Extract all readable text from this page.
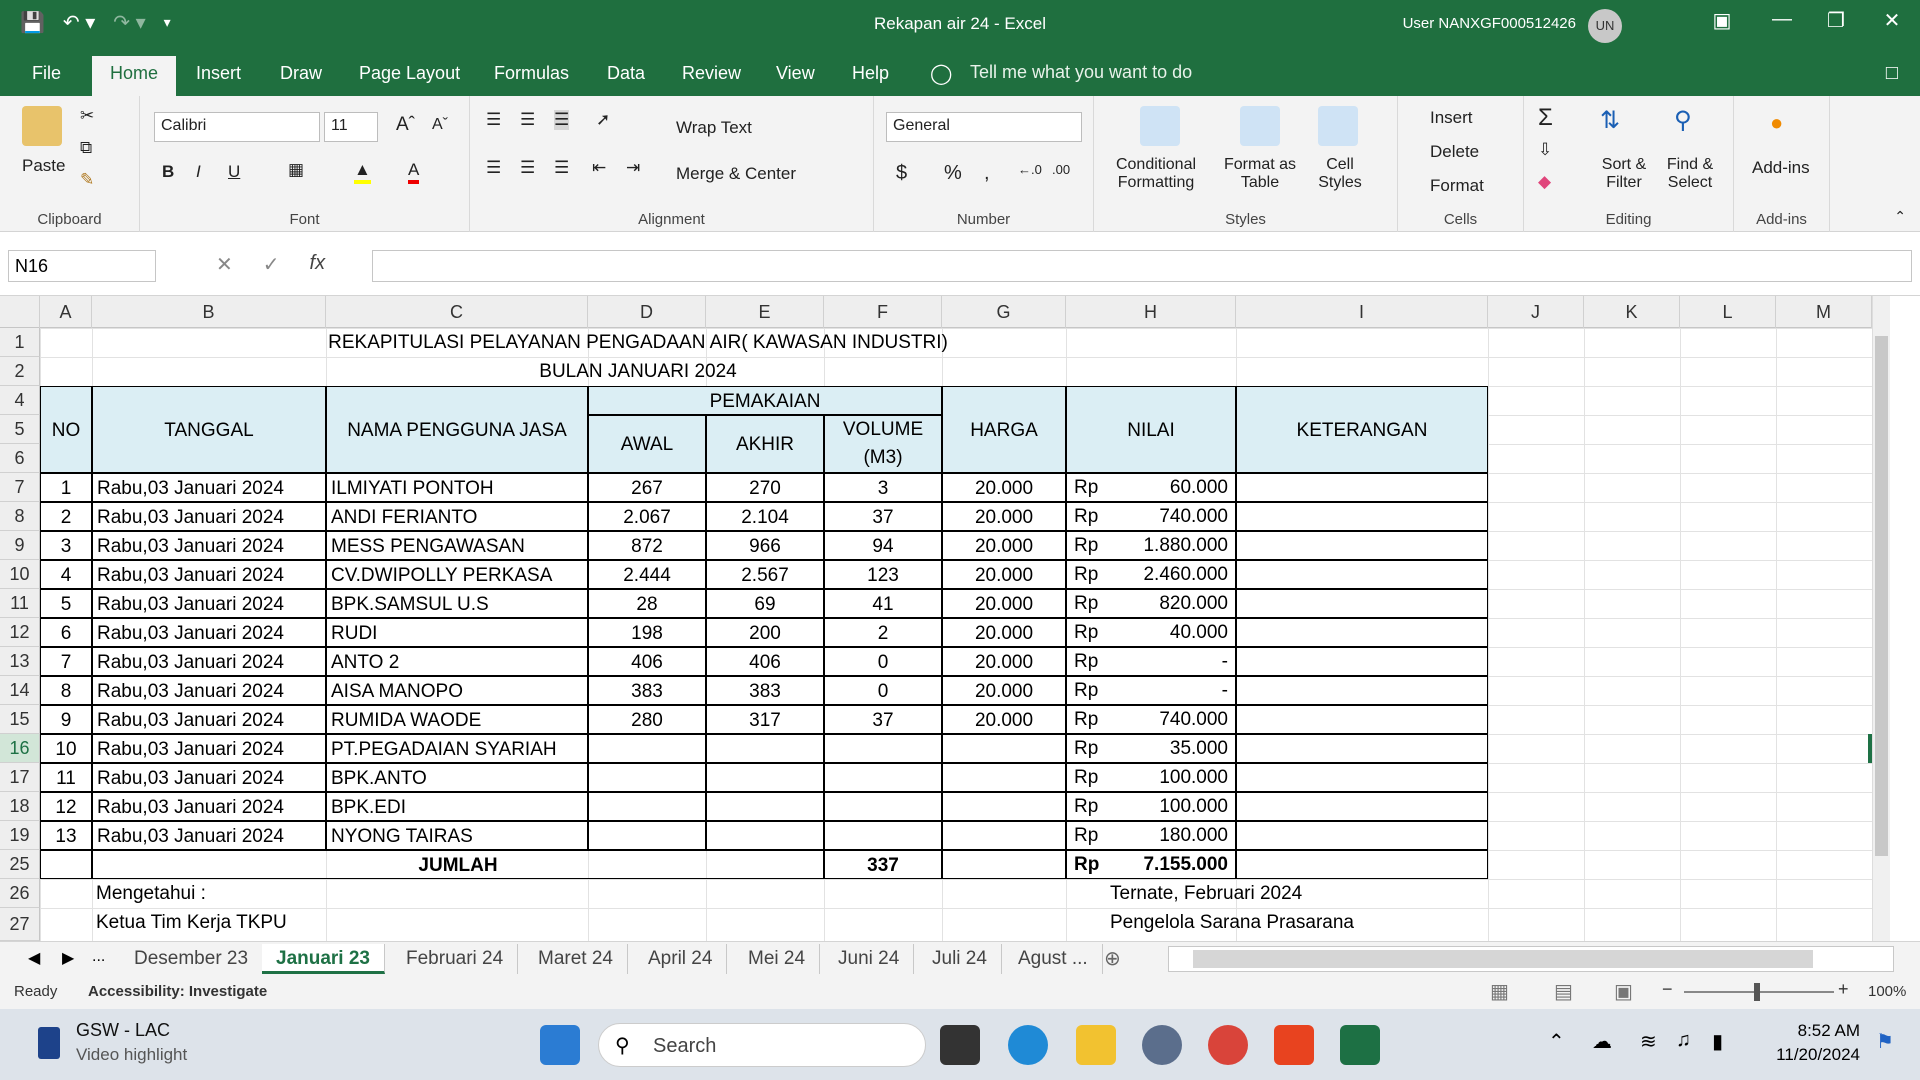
💾 ↶ ▾ ↷ ▾ ▾	Rekapan air 24 - Excel	User NANXGF000512426	UN	▣	—	❐	✕
File	Home	Insert Draw Page Layout Formulas Data Review View Help ◯ Tell me what you want to do	□
Paste
✂
⧉
✎
Clipboard
Calibri	11	Aˆ Aˇ
B I U	▦	▲ A
Font
☰ ☰ ☰ ➚
☰ ☰ ☰ ⇤ ⇥
Wrap Text
Merge & Center
Alignment
General
$ % , ←.0 .00
Number
Conditional Formatting
Format as Table
Cell Styles
Styles
Insert
Delete
Format
Cells
Σ
⇩
◆
⇅
Sort & Filter
⚲
Find & Select
Editing
●
Add-ins
Add-ins	⌃
N16	✕ ✓ fx
A	B	C	D	E	F	G	H	I	J	K	L	M
1
2
4
5
6
7
8
9
10
11
12
13
14
15
16
17
18
19
25
26
27
REKAPITULASI PELAYANAN PENGADAAN AIR( KAWASAN INDUSTRI)
BULAN JANUARI 2024
NO	TANGGAL	NAMA PENGGUNA JASA
PEMAKAIAN
AWAL	AKHIR
VOLUME (M3)
HARGA	NILAI	KETERANGAN
1	Rabu,03 Januari 2024	ILMIYATI PONTOH	267	270	3	20.000	Rp	60.000
2	Rabu,03 Januari 2024	ANDI FERIANTO	2.067	2.104	37	20.000	Rp	740.000
3	Rabu,03 Januari 2024	MESS PENGAWASAN	872	966	94	20.000	Rp	1.880.000
4	Rabu,03 Januari 2024	CV.DWIPOLLY PERKASA	2.444	2.567	123	20.000	Rp	2.460.000
5	Rabu,03 Januari 2024	BPK.SAMSUL U.S	28	69	41	20.000	Rp	820.000
6	Rabu,03 Januari 2024	RUDI	198	200	2	20.000	Rp	40.000
7	Rabu,03 Januari 2024	ANTO 2	406	406	0	20.000	Rp	-
8	Rabu,03 Januari 2024	AISA MANOPO	383	383	0	20.000	Rp	-
9	Rabu,03 Januari 2024	RUMIDA WAODE	280	317	37	20.000	Rp	740.000
10	Rabu,03 Januari 2024	PT.PEGADAIAN SYARIAH	Rp	35.000
11	Rabu,03 Januari 2024	BPK.ANTO	Rp	100.000
12	Rabu,03 Januari 2024	BPK.EDI	Rp	100.000
13	Rabu,03 Januari 2024	NYONG TAIRAS	Rp	180.000
JUMLAH	337	Rp	7.155.000
Mengetahui :
Ketua Tim Kerja TKPU
Ternate, Februari 2024
Pengelola Sarana Prasarana
◀ ▶ ...	Desember 23	Januari 23	Februari 24	Maret 24	April 24	Mei 24	Juni 24	Juli 24	Agust ... ⊕
Ready Accessibility: Investigate	▦ ▤ ▣ −	+ 100%
GSW - LAC
Video highlight	⚲ Search	⌃ ☁ ≋ ♫ ▮
8:52 AM
11/20/2024
⚑
